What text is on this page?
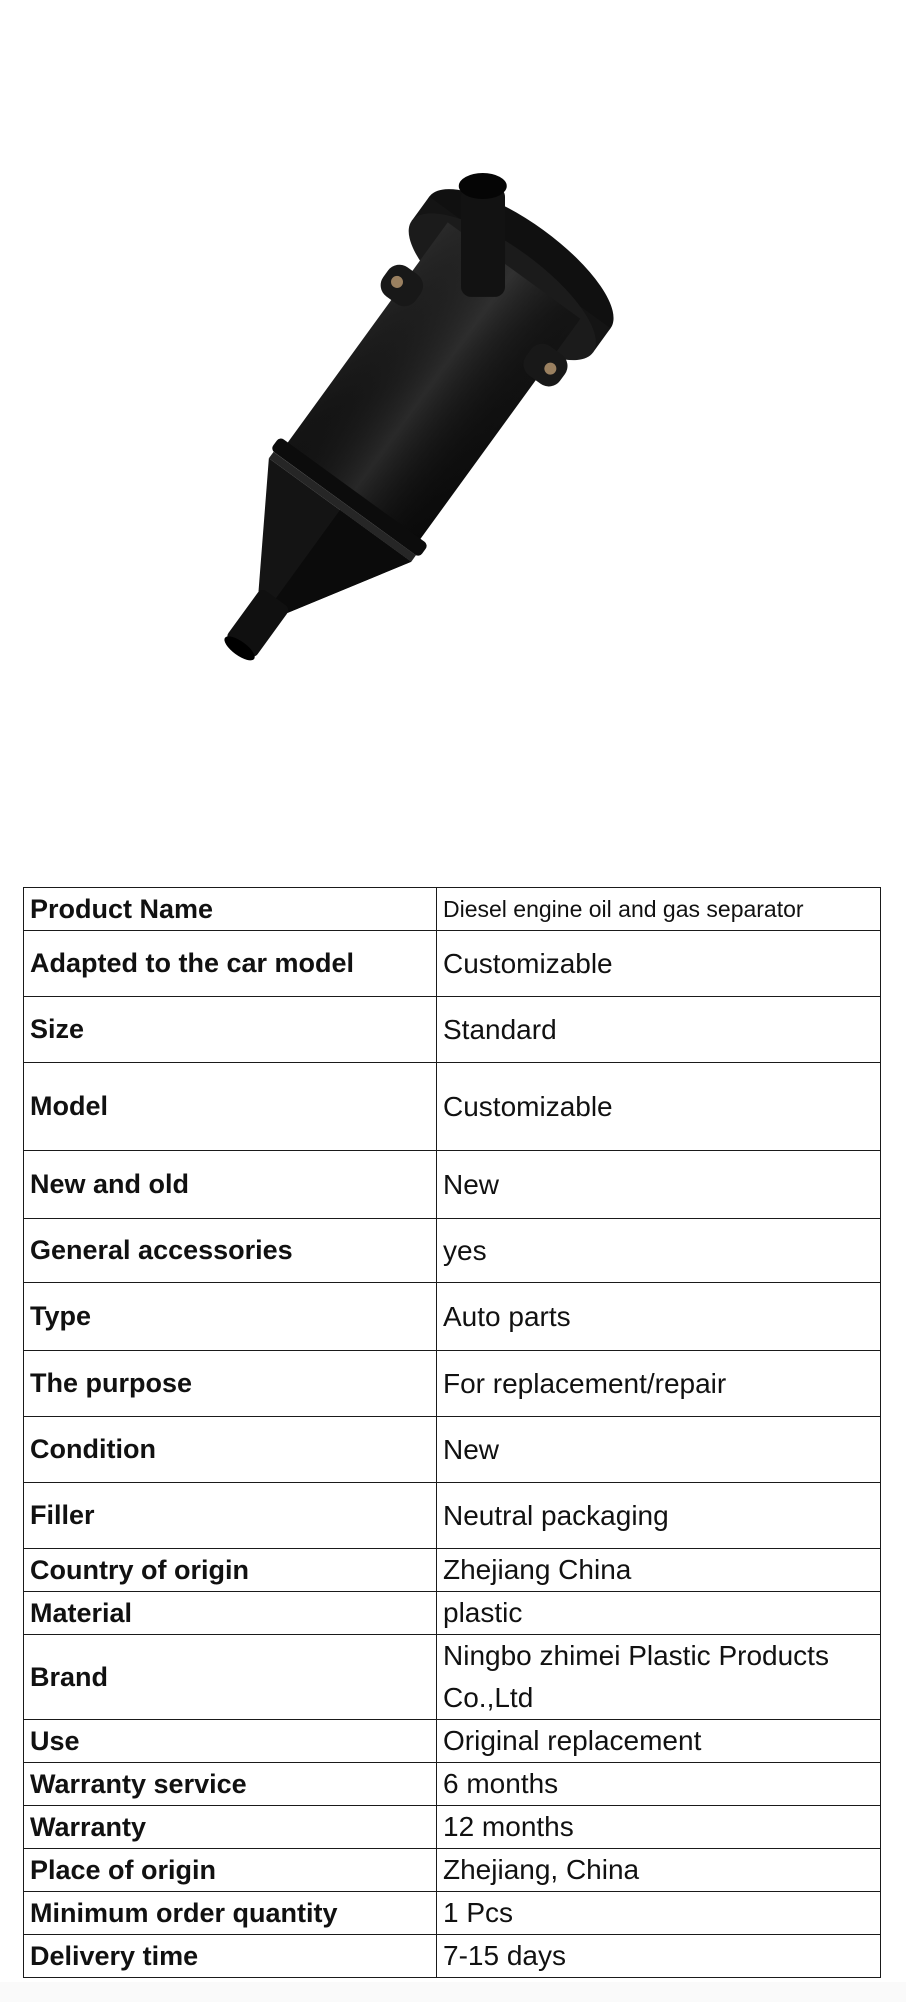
Product Name	Diesel engine oil and gas separator
Adapted to the car model	Customizable
Size	Standard
Model	Customizable
New and old	New
General accessories	yes
Type	Auto parts
The purpose	For replacement/repair
Condition	New
Filler	Neutral packaging
Country of origin	Zhejiang China
Material	plastic
Brand	Ningbo zhimei Plastic Products Co.,Ltd
Use	Original replacement
Warranty service	6 months
Warranty	12 months
Place of origin	Zhejiang, China
Minimum order quantity	1 Pcs
Delivery time	7-15 days
